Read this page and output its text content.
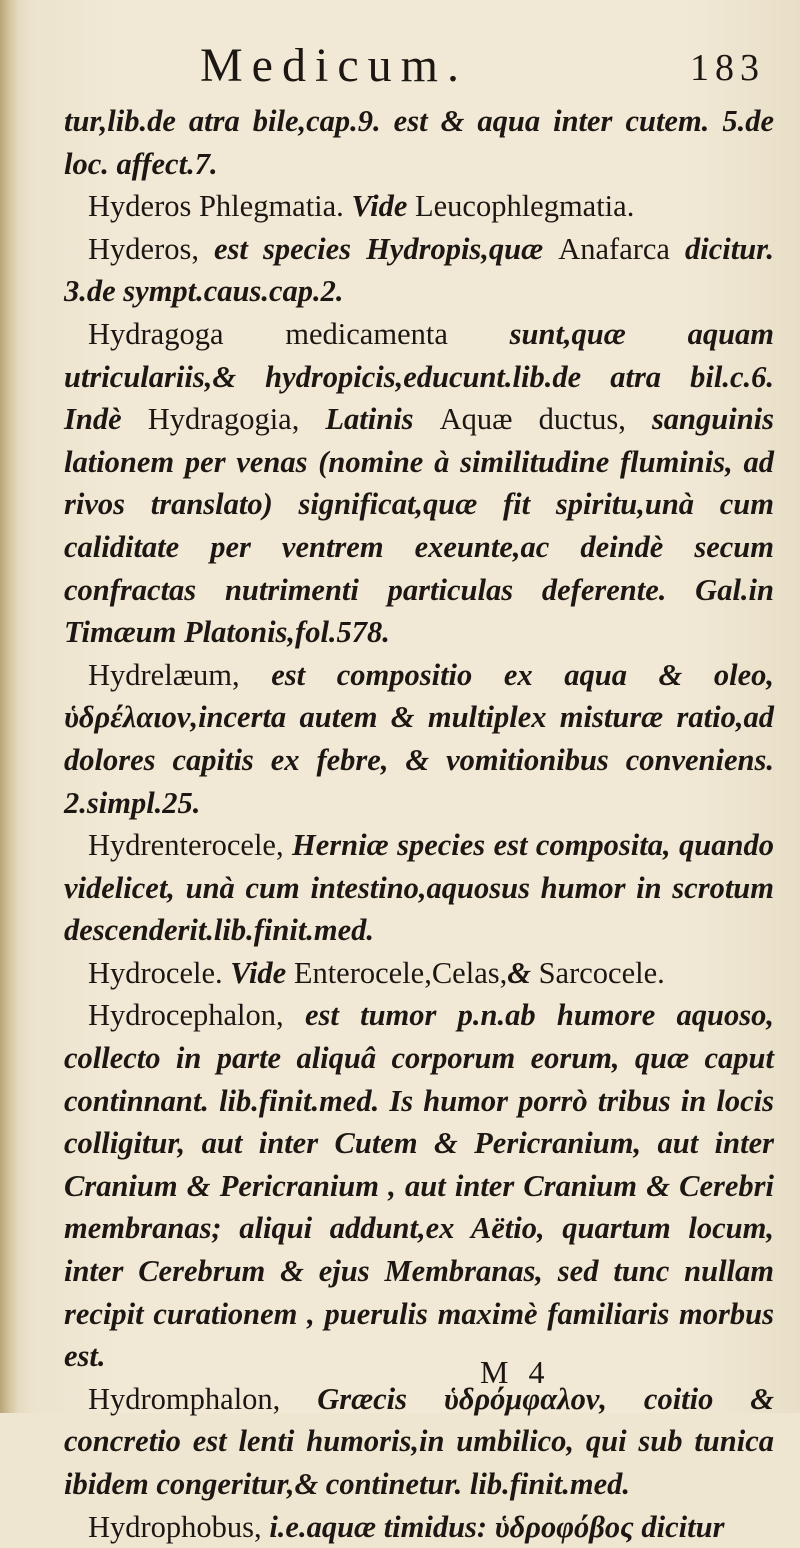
Medicum.	183

tur,lib.de atra bile,cap.9. est & aqua inter cutem. 5.de loc. affect.7.

Hyderos Phlegmatia. Vide Leucophlegmatia.

Hyderos, est species Hydropis,quæ Anafarca dicitur. 3.de sympt.caus.cap.2.

Hydragoga medicamenta sunt,quæ aquam utriculariis,& hydropicis,educunt.lib.de atra bil.c.6. Indè Hydragogia, Latinis Aquæ ductus, sanguinis lationem per venas (nomine à similitudine fluminis, ad rivos translato) significat,quæ fit spiritu,unà cum caliditate per ventrem exeunte,ac deindè secum confractas nutrimenti particulas deferente. Gal.in Timæum Platonis,fol.578.

Hydrelæum, est compositio ex aqua & oleo, ὑδρέλαιον,incerta autem & multiplex misturæ ratio,ad dolores capitis ex febre, & vomitionibus conveniens. 2.simpl.25.

Hydrenterocele, Herniæ species est composita, quando videlicet, unà cum intestino,aquosus humor in scrotum descenderit.lib.finit.med.

Hydrocele. Vide Enterocele,Celas,& Sarcocele.

Hydrocephalon, est tumor p.n.ab humore aquoso, collecto in parte aliquâ corporum eorum, quæ caput continnant. lib.finit.med. Is humor porrò tribus in locis colligitur, aut inter Cutem & Pericranium, aut inter Cranium & Pericranium , aut inter Cranium & Cerebri membranas; aliqui addunt,ex Aëtio, quartum locum, inter Cerebrum & ejus Membranas, sed tunc nullam recipit curationem , puerulis maximè familiaris morbus est.

Hydromphalon, Græcis ὑδρόμφαλον, coitio & concretio est lenti humoris,in umbilico, qui sub tunica ibidem congeritur,& continetur. lib.finit.med.

Hydrophobus, i.e.aquæ timidus: ὑδροφόβος dicitur

M 4
